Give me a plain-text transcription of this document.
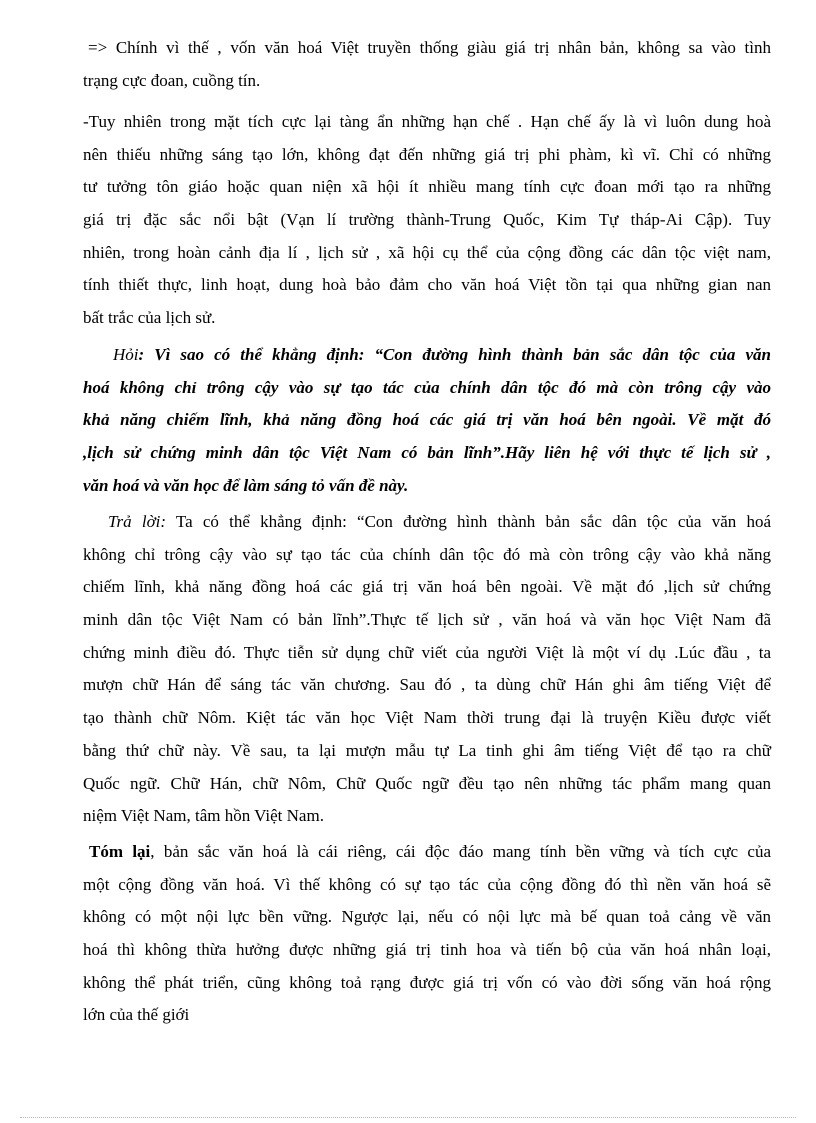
=> Chính vì thế , vốn văn hoá Việt truyền thống giàu giá trị nhân bản, không sa vào tình
trạng cực đoan, cuồng tín.
-Tuy nhiên trong mặt tích cực lại tàng ẩn những hạn chế . Hạn chế ấy là vì luôn dung hoà
nên thiếu những sáng tạo lớn, không đạt đến những giá trị phi phàm, kì vĩ. Chỉ có những
tư tưởng tôn giáo hoặc quan niện xã hội ít nhiều mang tính cực đoan mới tạo ra những
giá trị đặc sắc nổi bật (Vạn lí trường thành-Trung Quốc, Kim Tự tháp-Ai Cập). Tuy
nhiên, trong hoàn cảnh địa lí , lịch sử , xã hội cụ thể của cộng đồng các dân tộc việt nam,
tính thiết thực, linh hoạt, dung hoà bảo đảm cho văn hoá Việt tồn tại qua những gian nan
bất trắc của lịch sử.
Hỏi: Vì sao có thể khẳng định: “Con đường hình thành bản sắc dân tộc của văn
hoá không chỉ trông cậy vào sự tạo tác của chính dân tộc đó mà còn trông cậy vào
khả năng chiếm lĩnh, khả năng đồng hoá các giá trị văn hoá bên ngoài. Về mặt đó
,lịch sử chứng minh dân tộc Việt Nam có bản lĩnh”.Hãy liên hệ với thực tế lịch sử ,
văn hoá và văn học để làm sáng tỏ vấn đề này.
Trả lời: Ta có thể khẳng định: “Con đường hình thành bản sắc dân tộc của văn hoá
không chỉ trông cậy vào sự tạo tác của chính dân tộc đó mà còn trông cậy vào khả năng
chiếm lĩnh, khả năng đồng hoá các giá trị văn hoá bên ngoài. Về mặt đó ,lịch sử chứng
minh dân tộc Việt Nam có bản lĩnh”.Thực tế lịch sử , văn hoá và văn học Việt Nam đã
chứng minh điều đó. Thực tiễn sử dụng chữ viết của người Việt là một ví dụ .Lúc đầu , ta
mượn chữ Hán để sáng tác văn chương. Sau đó , ta dùng chữ Hán ghi âm tiếng Việt để
tạo thành chữ Nôm. Kiệt tác văn học Việt Nam thời trung đại là truyện Kiều được viết
bằng thứ chữ này. Về sau, ta lại mượn mẫu tự La tinh ghi âm tiếng Việt để tạo ra chữ
Quốc ngữ. Chữ Hán, chữ Nôm, Chữ Quốc ngữ đều tạo nên những tác phẩm mang quan
niệm Việt Nam, tâm hồn Việt Nam.
Tóm lại, bản sắc văn hoá là cái riêng, cái độc đáo mang tính bền vững và tích cực của
một cộng đồng văn hoá. Vì thế không có sự tạo tác của cộng đồng đó thì nền văn hoá sẽ
không có một nội lực bền vững. Ngược lại, nếu có nội lực mà bế quan toả cảng về văn
hoá thì không thừa hưởng được những giá trị tinh hoa và tiến bộ của văn hoá nhân loại,
không thể phát triển, cũng không toả rạng được giá trị vốn có vào đời sống văn hoá rộng
lớn của thế giới
